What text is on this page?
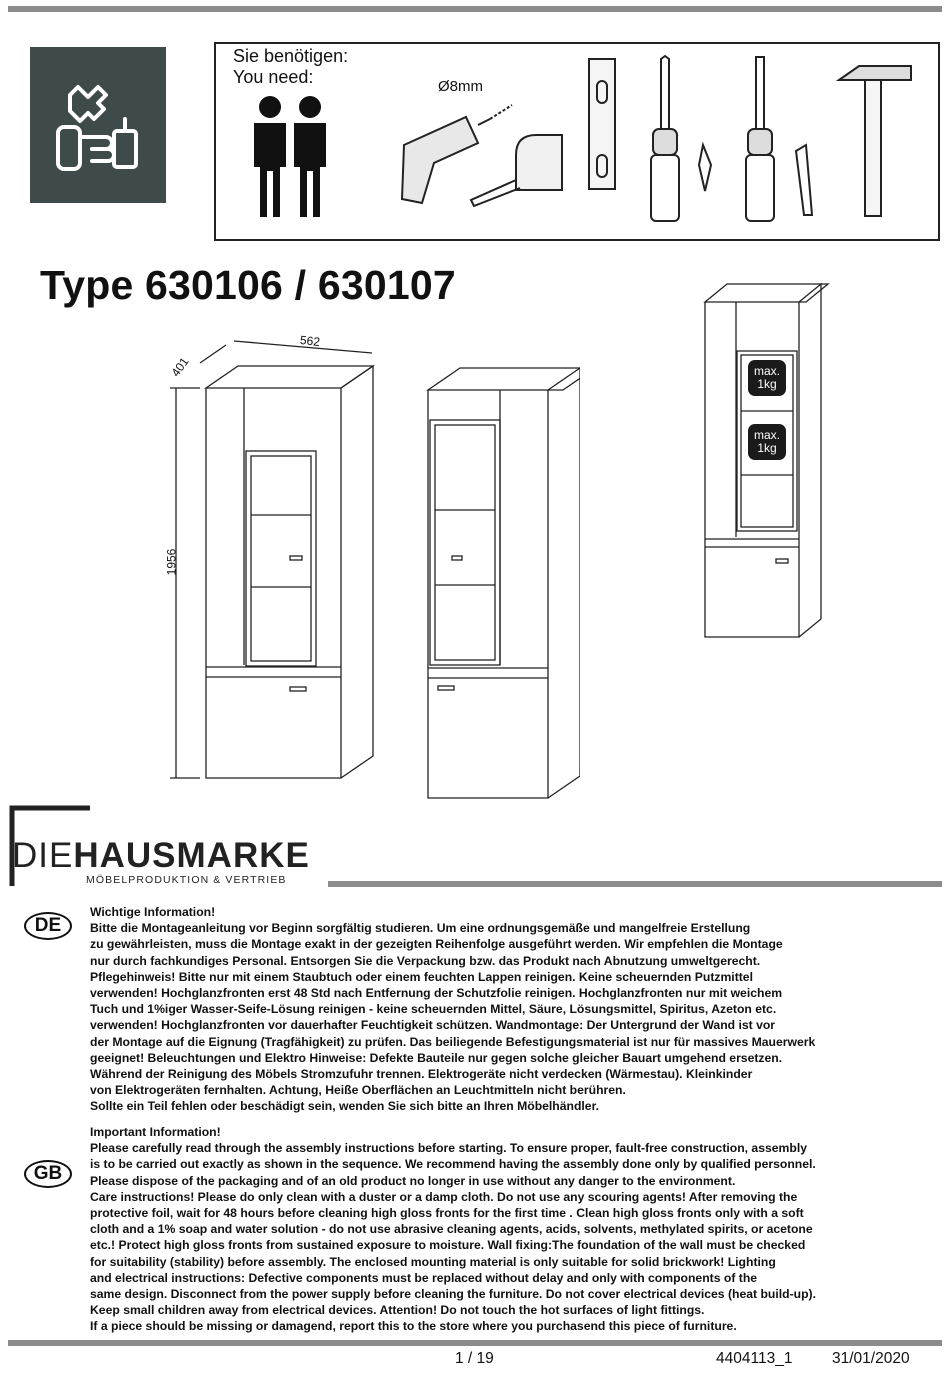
Sie benötigen:
You need:	Ø8mm
Type 630106 / 630107
562
401
1956
max.
1kg
max.
1kg
DIEHAUSMARKE
MÖBELPRODUKTION & VERTRIEB
DE
Wichtige Information!
Bitte die Montageanleitung vor Beginn sorgfältig studieren. Um eine ordnungsgemäße und mangelfreie Erstellung
zu gewährleisten, muss die Montage exakt in der gezeigten Reihenfolge ausgeführt werden. Wir empfehlen die Montage
nur durch fachkundiges Personal. Entsorgen Sie die Verpackung bzw. das Produkt nach Abnutzung umweltgerecht.
Pflegehinweis! Bitte nur mit einem Staubtuch oder einem feuchten Lappen reinigen. Keine scheuernden Putzmittel
verwenden! Hochglanzfronten erst 48 Std nach Entfernung der Schutzfolie reinigen. Hochglanzfronten nur mit weichem
Tuch und 1%iger Wasser-Seife-Lösung reinigen - keine scheuernden Mittel, Säure, Lösungsmittel, Spiritus, Azeton etc.
verwenden! Hochglanzfronten vor dauerhafter Feuchtigkeit schützen. Wandmontage: Der Untergrund der Wand ist vor
der Montage auf die Eignung (Tragfähigkeit) zu prüfen. Das beiliegende Befestigungsmaterial ist nur für massives Mauerwerk
geeignet! Beleuchtungen und Elektro Hinweise: Defekte Bauteile nur gegen solche gleicher Bauart umgehend ersetzen.
Während der Reinigung des Möbels Stromzufuhr trennen. Elektrogeräte nicht verdecken (Wärmestau). Kleinkinder
von Elektrogeräten fernhalten. Achtung, Heiße Oberflächen an Leuchtmitteln nicht berühren.
Sollte ein Teil fehlen oder beschädigt sein, wenden Sie sich bitte an Ihren Möbelhändler.
GB
Important Information!
Please carefully read through the assembly instructions before starting. To ensure proper, fault-free construction, assembly
is to be carried out exactly as shown in the sequence. We recommend having the assembly done only by qualified personnel.
Please dispose of the packaging and of an old product no longer in use without any danger to the environment.
Care instructions! Please do only clean with a duster or a damp cloth. Do not use any scouring agents! After removing the
protective foil, wait for 48 hours before cleaning high gloss fronts for the first time . Clean high gloss fronts only with a soft
cloth and a 1% soap and water solution - do not use abrasive cleaning agents, acids, solvents, methylated spirits, or acetone
etc.! Protect high gloss fronts from sustained exposure to moisture. Wall fixing:The foundation of the wall must be checked
for suitability (stability) before assembly. The enclosed mounting material is only suitable for solid brickwork! Lighting
and electrical instructions: Defective components must be replaced without delay and only with components of the
same design. Disconnect from the power supply before cleaning the furniture. Do not cover electrical devices (heat build-up).
Keep small children away from electrical devices. Attention! Do not touch the hot surfaces of light fittings.
If a piece should be missing or damagend, report this to the store where you purchasend this piece of furniture.
1 / 19	4404113_1	31/01/2020
